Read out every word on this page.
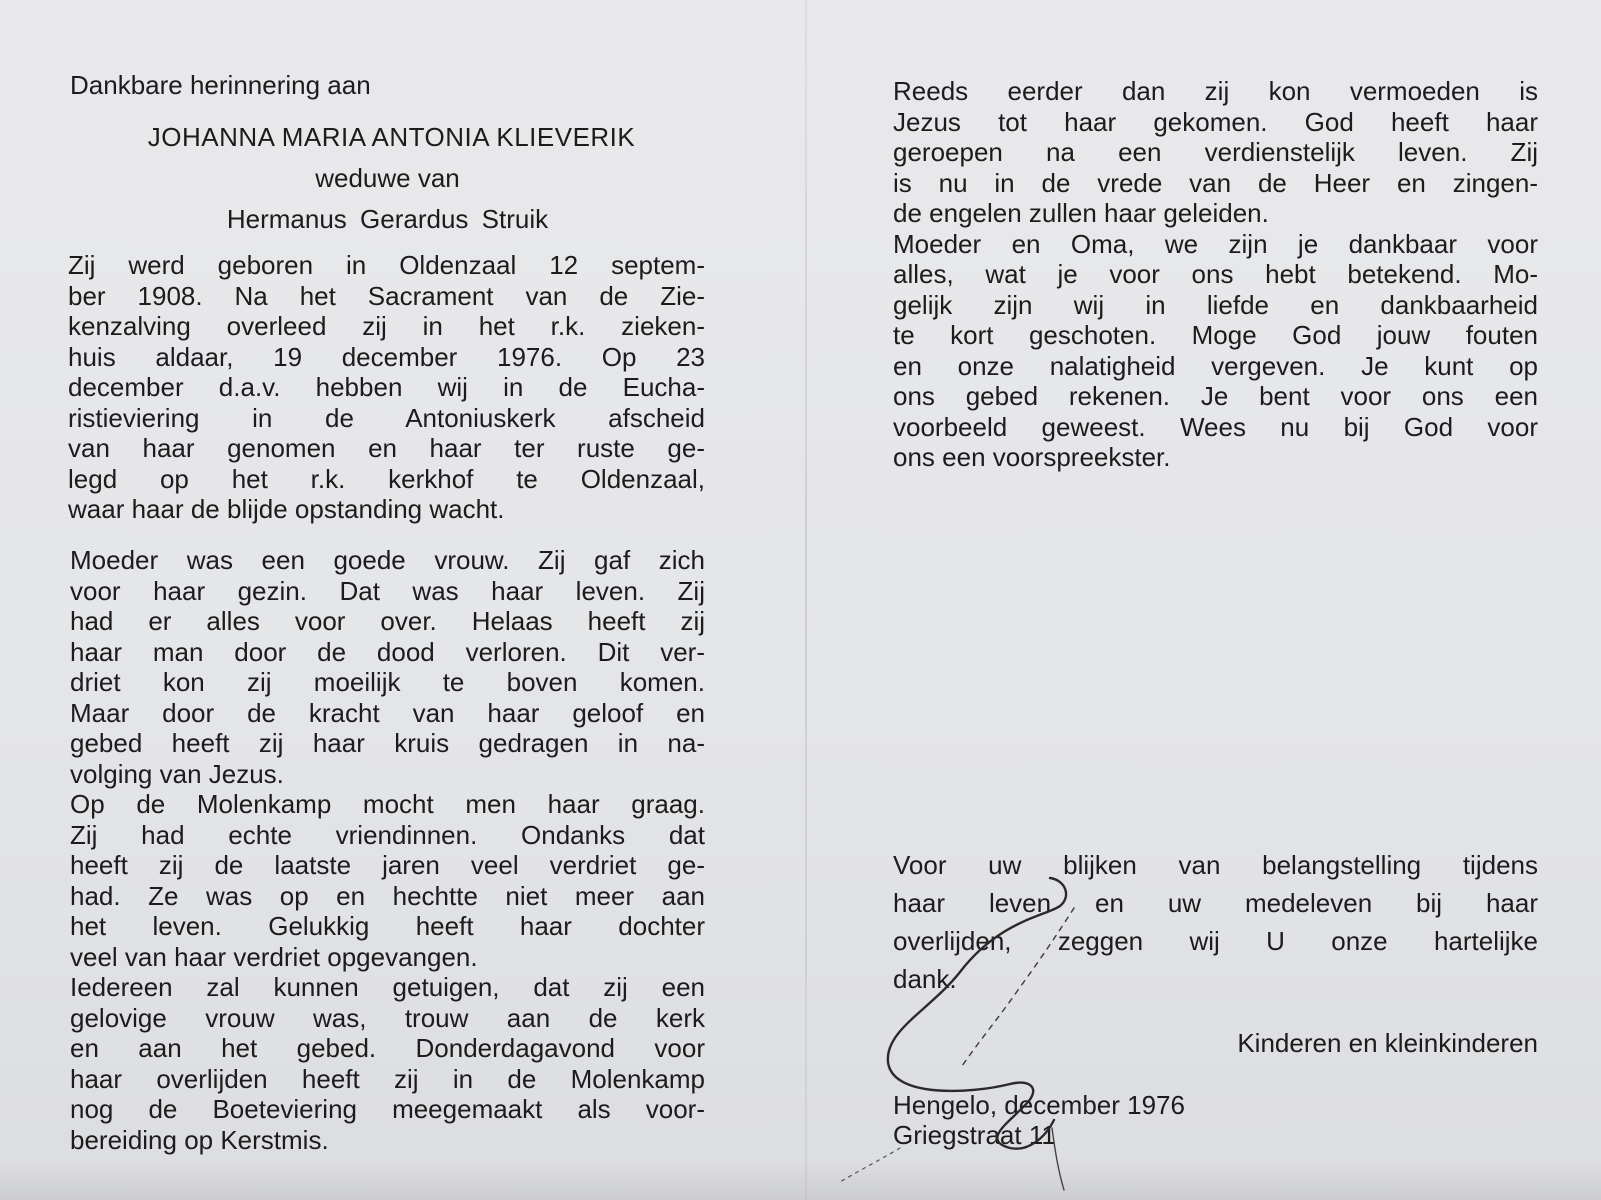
Dankbare herinnering aan
JOHANNA MARIA ANTONIA KLIEVERIK
weduwe van
Hermanus Gerardus Struik
Zij werd geboren in Oldenzaal 12 septem-
ber 1908. Na het Sacrament van de Zie-
kenzalving overleed zij in het r.k. zieken-
huis aldaar, 19 december 1976. Op 23
december d.a.v. hebben wij in de Eucha-
ristieviering in de Antoniuskerk afscheid
van haar genomen en haar ter ruste ge-
legd op het r.k. kerkhof te Oldenzaal,
waar haar de blijde opstanding wacht.
Moeder was een goede vrouw. Zij gaf zich
voor haar gezin. Dat was haar leven. Zij
had er alles voor over. Helaas heeft zij
haar man door de dood verloren. Dit ver-
driet kon zij moeilijk te boven komen.
Maar door de kracht van haar geloof en
gebed heeft zij haar kruis gedragen in na-
volging van Jezus.
Op de Molenkamp mocht men haar graag.
Zij had echte vriendinnen. Ondanks dat
heeft zij de laatste jaren veel verdriet ge-
had. Ze was op en hechtte niet meer aan
het leven. Gelukkig heeft haar dochter
veel van haar verdriet opgevangen.
Iedereen zal kunnen getuigen, dat zij een
gelovige vrouw was, trouw aan de kerk
en aan het gebed. Donderdagavond voor
haar overlijden heeft zij in de Molenkamp
nog de Boeteviering meegemaakt als voor-
bereiding op Kerstmis.
Reeds eerder dan zij kon vermoeden is
Jezus tot haar gekomen. God heeft haar
geroepen na een verdienstelijk leven. Zij
is nu in de vrede van de Heer en zingen-
de engelen zullen haar geleiden.
Moeder en Oma, we zijn je dankbaar voor
alles, wat je voor ons hebt betekend. Mo-
gelijk zijn wij in liefde en dankbaarheid
te kort geschoten. Moge God jouw fouten
en onze nalatigheid vergeven. Je kunt op
ons gebed rekenen. Je bent voor ons een
voorbeeld geweest. Wees nu bij God voor
ons een voorspreekster.
Voor uw blijken van belangstelling tijdens
haar leven en uw medeleven bij haar
overlijden, zeggen wij U onze hartelijke
dank.
Kinderen en kleinkinderen
Hengelo, december 1976
Griegstraat 11
